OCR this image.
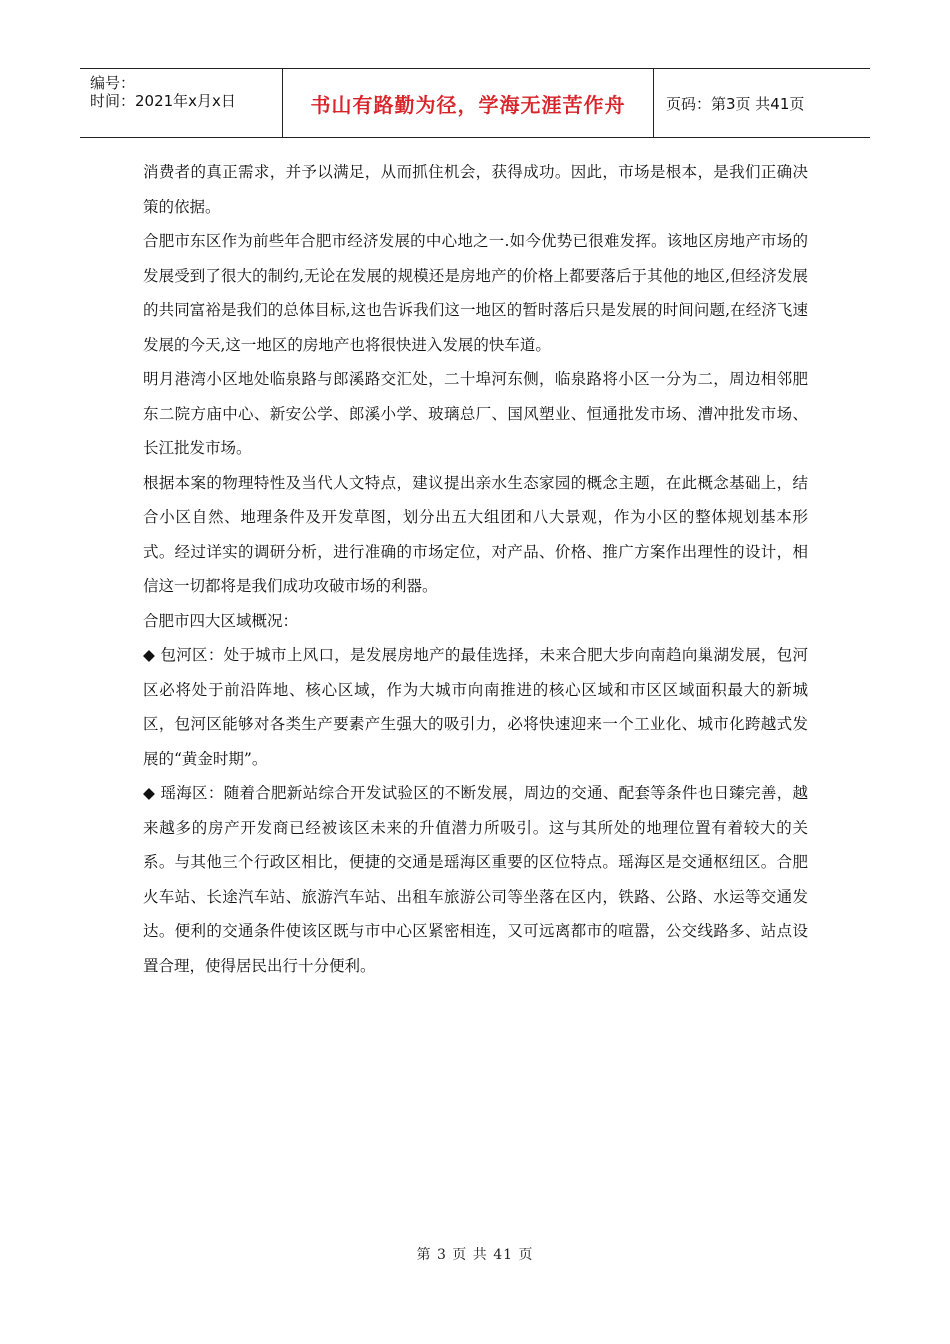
编号：
时间：2021年x月x日	书山有路勤为径，学海无涯苦作舟	页码：第3页 共41页

消费者的真正需求，并予以满足，从而抓住机会，获得成功。因此，市场是根本，是我们正确决策的依据。

合肥市东区作为前些年合肥市经济发展的中心地之一.如今优势已很难发挥。该地区房地产市场的发展受到了很大的制约,无论在发展的规模还是房地产的价格上都要落后于其他的地区,但经济发展的共同富裕是我们的总体目标,这也告诉我们这一地区的暂时落后只是发展的时间问题,在经济飞速发展的今天,这一地区的房地产也将很快进入发展的快车道。

明月港湾小区地处临泉路与郎溪路交汇处，二十埠河东侧，临泉路将小区一分为二，周边相邻肥东二院方庙中心、新安公学、郎溪小学、玻璃总厂、国风塑业、恒通批发市场、漕冲批发市场、长江批发市场。

根据本案的物理特性及当代人文特点，建议提出亲水生态家园的概念主题，在此概念基础上，结合小区自然、地理条件及开发草图，划分出五大组团和八大景观，作为小区的整体规划基本形式。经过详实的调研分析，进行准确的市场定位，对产品、价格、推广方案作出理性的设计，相信这一切都将是我们成功攻破市场的利器。

合肥市四大区域概况：

◆ 包河区：处于城市上风口，是发展房地产的最佳选择，未来合肥大步向南趋向巢湖发展，包河区必将处于前沿阵地、核心区域，作为大城市向南推进的核心区域和市区区域面积最大的新城区，包河区能够对各类生产要素产生强大的吸引力，必将快速迎来一个工业化、城市化跨越式发展的“黄金时期”。

◆ 瑶海区：随着合肥新站综合开发试验区的不断发展，周边的交通、配套等条件也日臻完善，越来越多的房产开发商已经被该区未来的升值潜力所吸引。这与其所处的地理位置有着较大的关系。与其他三个行政区相比，便捷的交通是瑶海区重要的区位特点。瑶海区是交通枢纽区。合肥火车站、长途汽车站、旅游汽车站、出租车旅游公司等坐落在区内，铁路、公路、水运等交通发达。便利的交通条件使该区既与市中心区紧密相连，又可远离都市的喧嚣，公交线路多、站点设置合理，使得居民出行十分便利。

第 3 页 共 41 页
